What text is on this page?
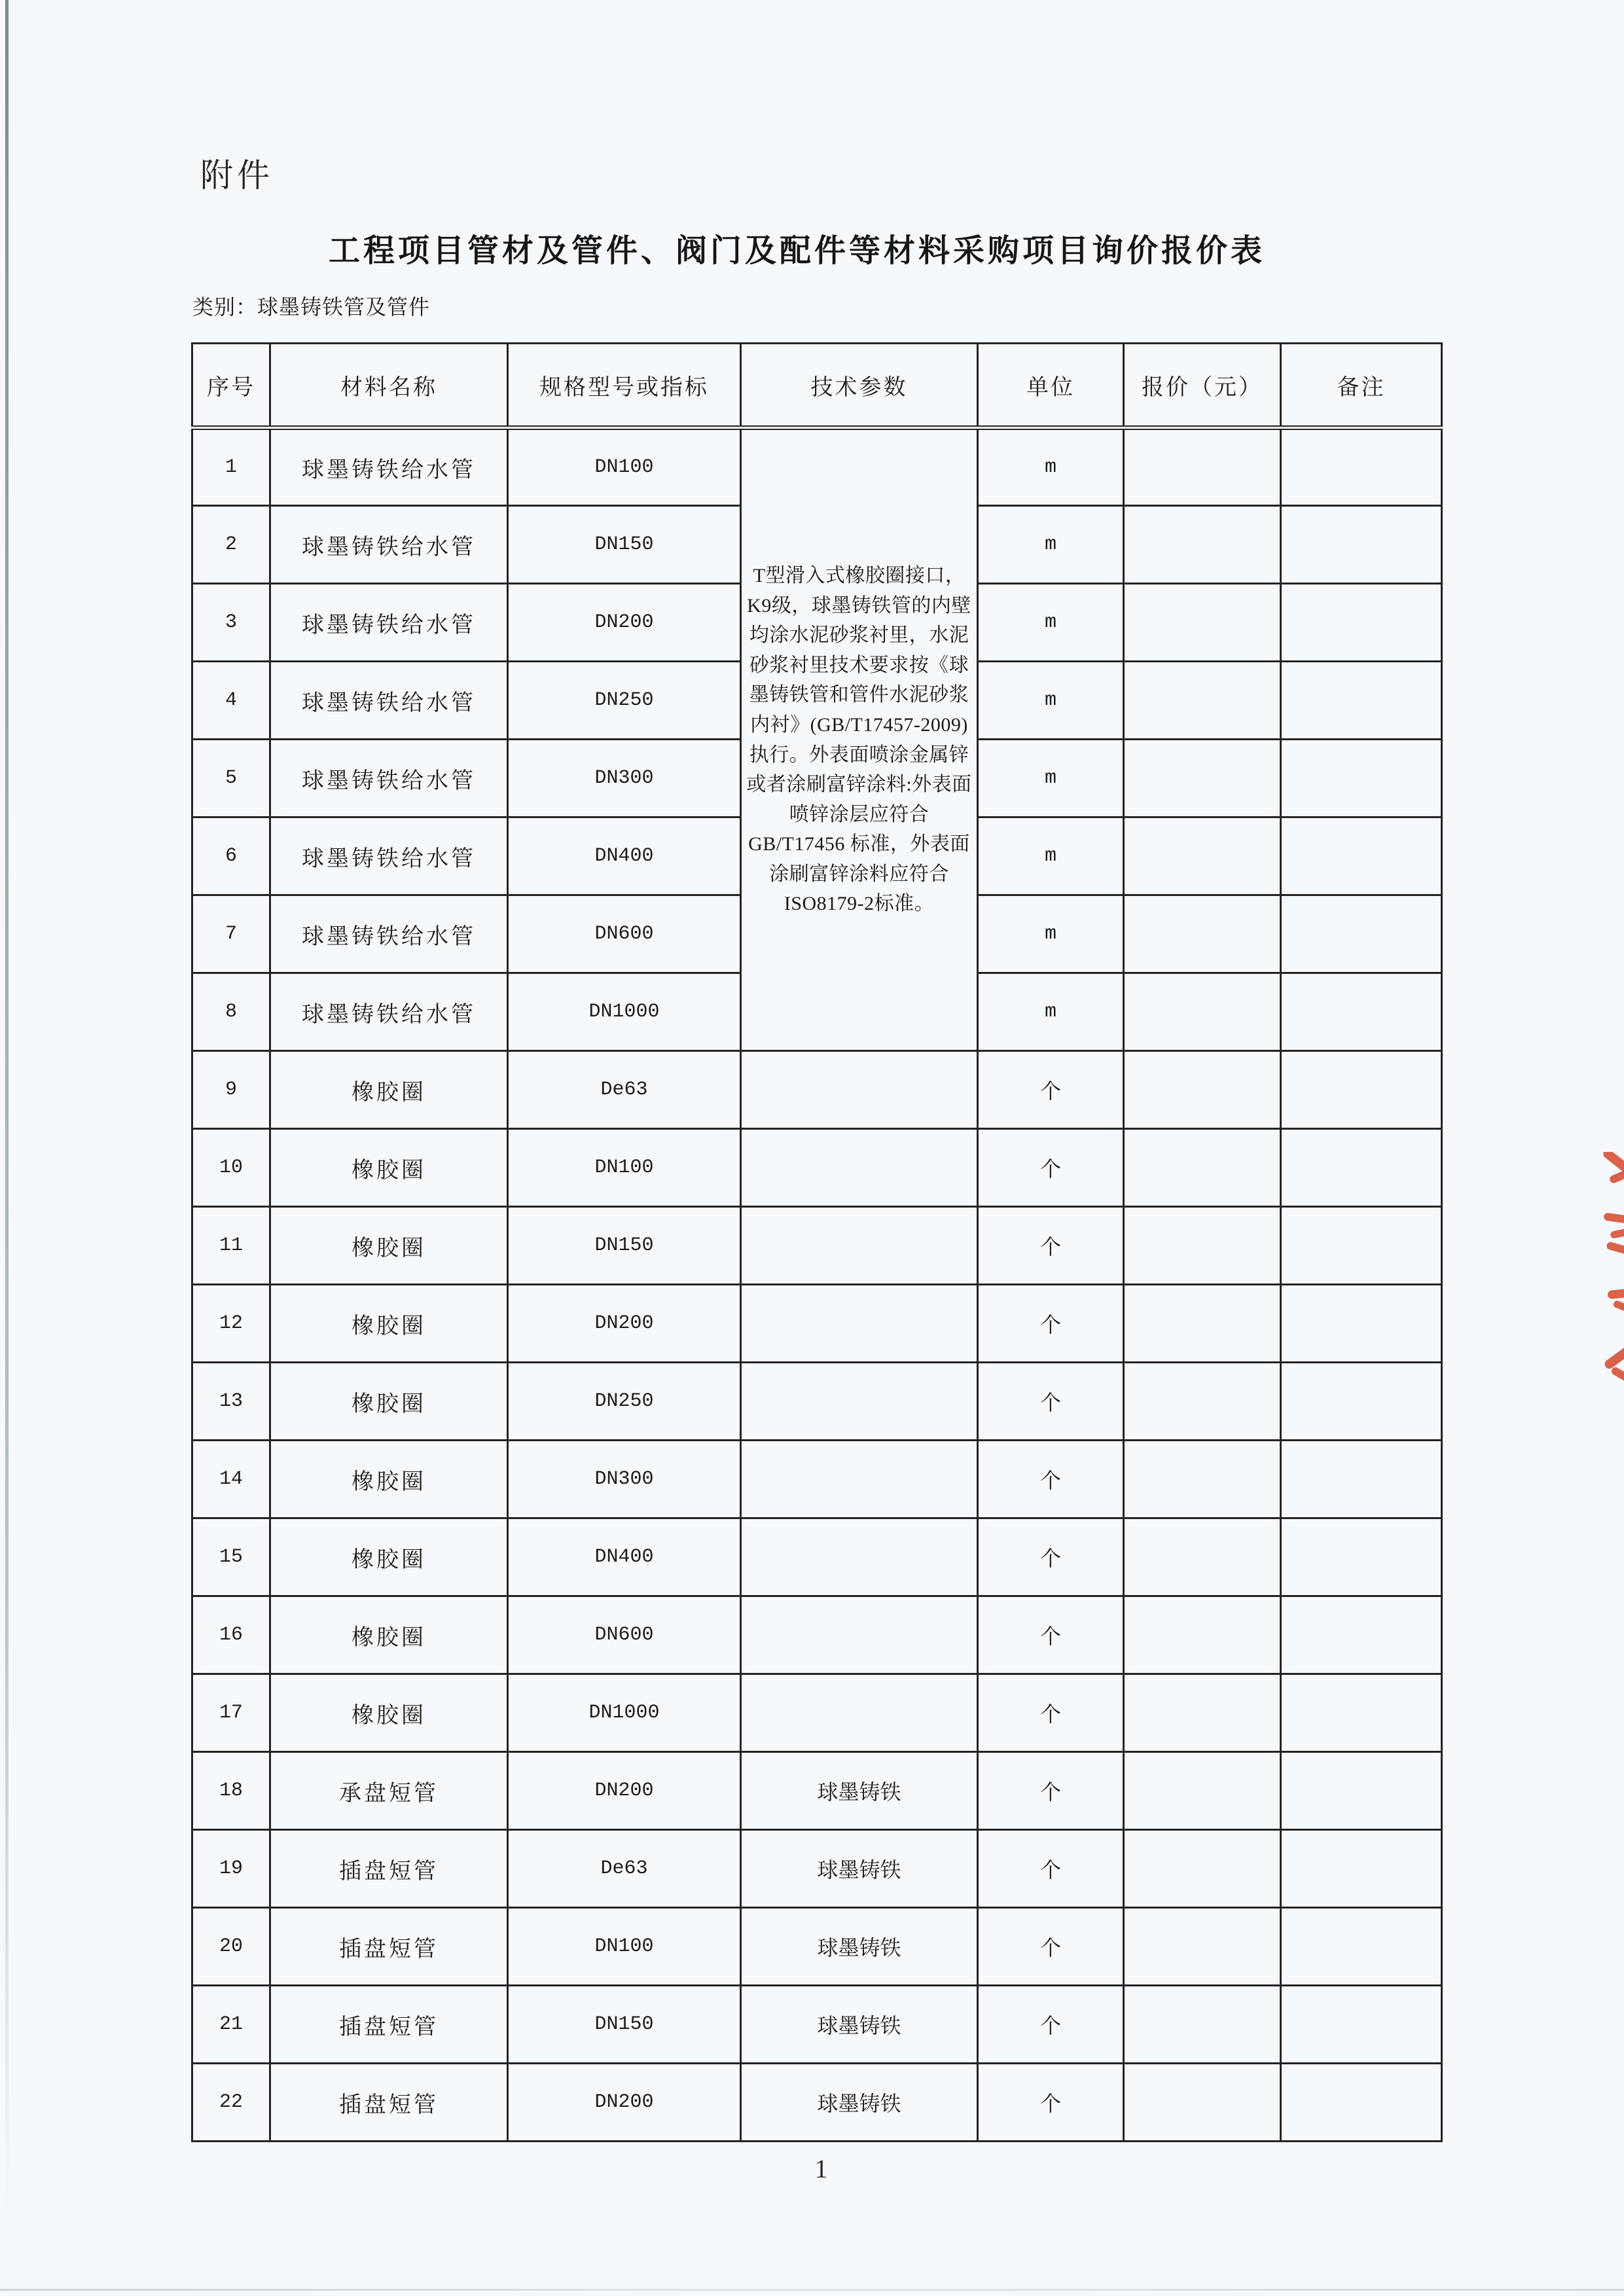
附件
工程项目管材及管件、阀门及配件等材料采购项目询价报价表
类别：球墨铸铁管及管件
序号	材料名称	规格型号或指标	技术参数	单位	报价（元）	备注
1	球墨铸铁给水管	DN100	T型滑入式橡胶圈接口，K9级，球墨铸铁管的内壁均涂水泥砂浆衬里，水泥砂浆衬里技术要求按《球墨铸铁管和管件水泥砂浆内衬》(GB/T17457-2009)执行。外表面喷涂金属锌或者涂刷富锌涂料:外表面喷锌涂层应符合GB/T17456 标准，外表面涂刷富锌涂料应符合ISO8179-2标准。	m		
2	球墨铸铁给水管	DN150		m		
3	球墨铸铁给水管	DN200		m		
4	球墨铸铁给水管	DN250		m		
5	球墨铸铁给水管	DN300		m		
6	球墨铸铁给水管	DN400		m		
7	球墨铸铁给水管	DN600		m		
8	球墨铸铁给水管	DN1000		m		
9	橡胶圈	De63		个		
10	橡胶圈	DN100		个		
11	橡胶圈	DN150		个		
12	橡胶圈	DN200		个		
13	橡胶圈	DN250		个		
14	橡胶圈	DN300		个		
15	橡胶圈	DN400		个		
16	橡胶圈	DN600		个		
17	橡胶圈	DN1000		个		
18	承盘短管	DN200	球墨铸铁	个		
19	插盘短管	De63	球墨铸铁	个		
20	插盘短管	DN100	球墨铸铁	个		
21	插盘短管	DN150	球墨铸铁	个		
22	插盘短管	DN200	球墨铸铁	个		
1
